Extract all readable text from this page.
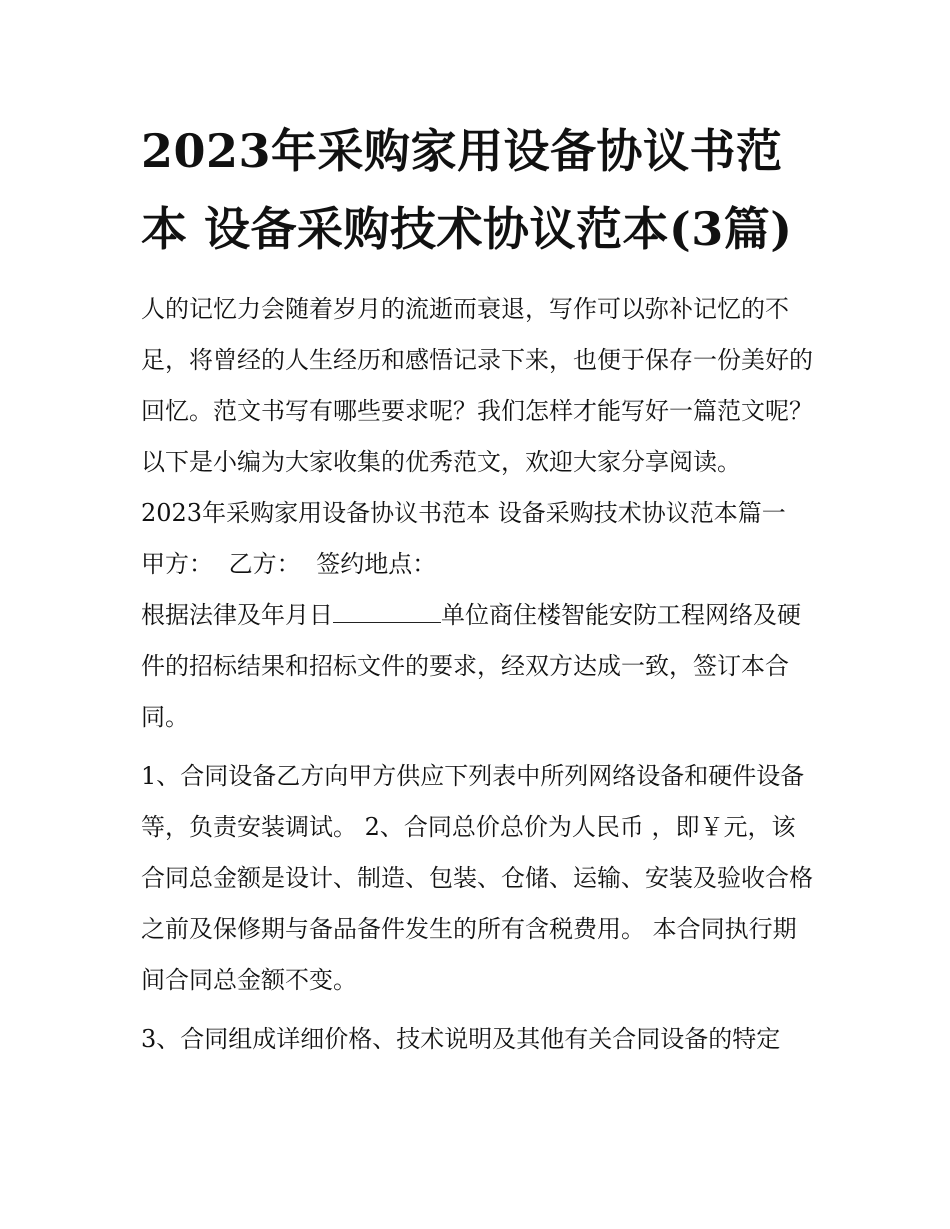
2023年采购家用设备协议书范本 设备采购技术协议范本(3篇)

人的记忆力会随着岁月的流逝而衰退，写作可以弥补记忆的不足，将曾经的人生经历和感悟记录下来，也便于保存一份美好的回忆。范文书写有哪些要求呢？我们怎样才能写好一篇范文呢？以下是小编为大家收集的优秀范文，欢迎大家分享阅读。

2023年采购家用设备协议书范本 设备采购技术协议范本篇一

甲方： 乙方： 签约地点：

根据法律及年月日	单位商住楼智能安防工程网络及硬件的招标结果和招标文件的要求，经双方达成一致，签订本合同。

1、合同设备乙方向甲方供应下列表中所列网络设备和硬件设备等，负责安装调试。 2、合同总价总价为人民币 ，即￥元，该合同总金额是设计、制造、包装、仓储、运输、安装及验收合格之前及保修期与备品备件发生的所有含税费用。 本合同执行期间合同总金额不变。

3、合同组成详细价格、技术说明及其他有关合同设备的特定
